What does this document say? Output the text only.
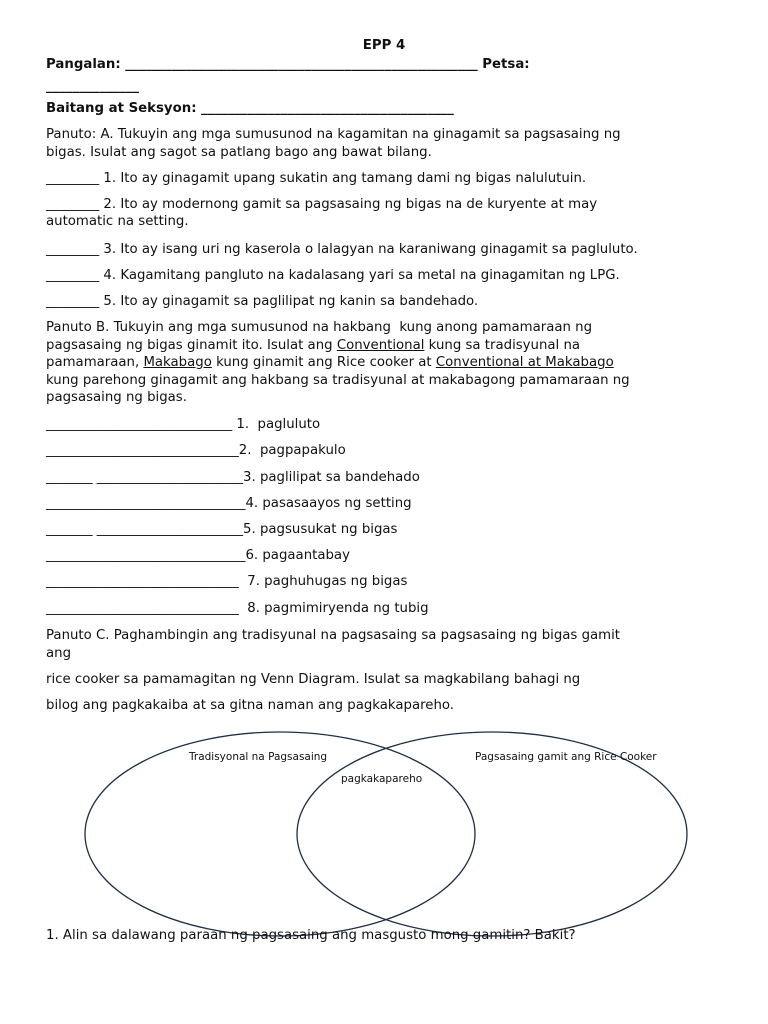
EPP 4
Pangalan: _____________________________________________________ Petsa:
______________
Baitang at Seksyon: ______________________________________
Panuto: A. Tukuyin ang mga sumusunod na kagamitan na ginagamit sa pagsasaing ng
bigas. Isulat ang sagot sa patlang bago ang bawat bilang.
________ 1. Ito ay ginagamit upang sukatin ang tamang dami ng bigas nalulutuin.
________ 2. Ito ay modernong gamit sa pagsasaing ng bigas na de kuryente at may
automatic na setting.
________ 3. Ito ay isang uri ng kaserola o lalagyan na karaniwang ginagamit sa pagluluto.
________ 4. Kagamitang pangluto na kadalasang yari sa metal na ginagamitan ng LPG.
________ 5. Ito ay ginagamit sa paglilipat ng kanin sa bandehado.
Panuto B. Tukuyin ang mga sumusunod na hakbang  kung anong pamamaraan ng
pagsasaing ng bigas ginamit ito. Isulat ang Conventional kung sa tradisyunal na
pamamaraan, Makabago kung ginamit ang Rice cooker at Conventional at Makabago
kung parehong ginagamit ang hakbang sa tradisyunal at makabagong pamamaraan ng
pagsasaing ng bigas.
____________________________ 1.  pagluluto
_____________________________2.  pagpapakulo
_______ ______________________3. paglilipat sa bandehado
______________________________4. pasasaayos ng setting
_______ ______________________5. pagsusukat ng bigas
______________________________6. pagaantabay
_____________________________  7. paghuhugas ng bigas
_____________________________  8. pagmimiryenda ng tubig
Panuto C. Paghambingin ang tradisyunal na pagsasaing sa pagsasaing ng bigas gamit
ang
rice cooker sa pamamagitan ng Venn Diagram. Isulat sa magkabilang bahagi ng
bilog ang pagkakaiba at sa gitna naman ang pagkakapareho.
Tradisyonal na Pagsasaing
pagkakapareho
Pagsasaing gamit ang Rice Cooker
1. Alin sa dalawang paraan ng pagsasaing ang masgusto mong gamitin? Bakit?
